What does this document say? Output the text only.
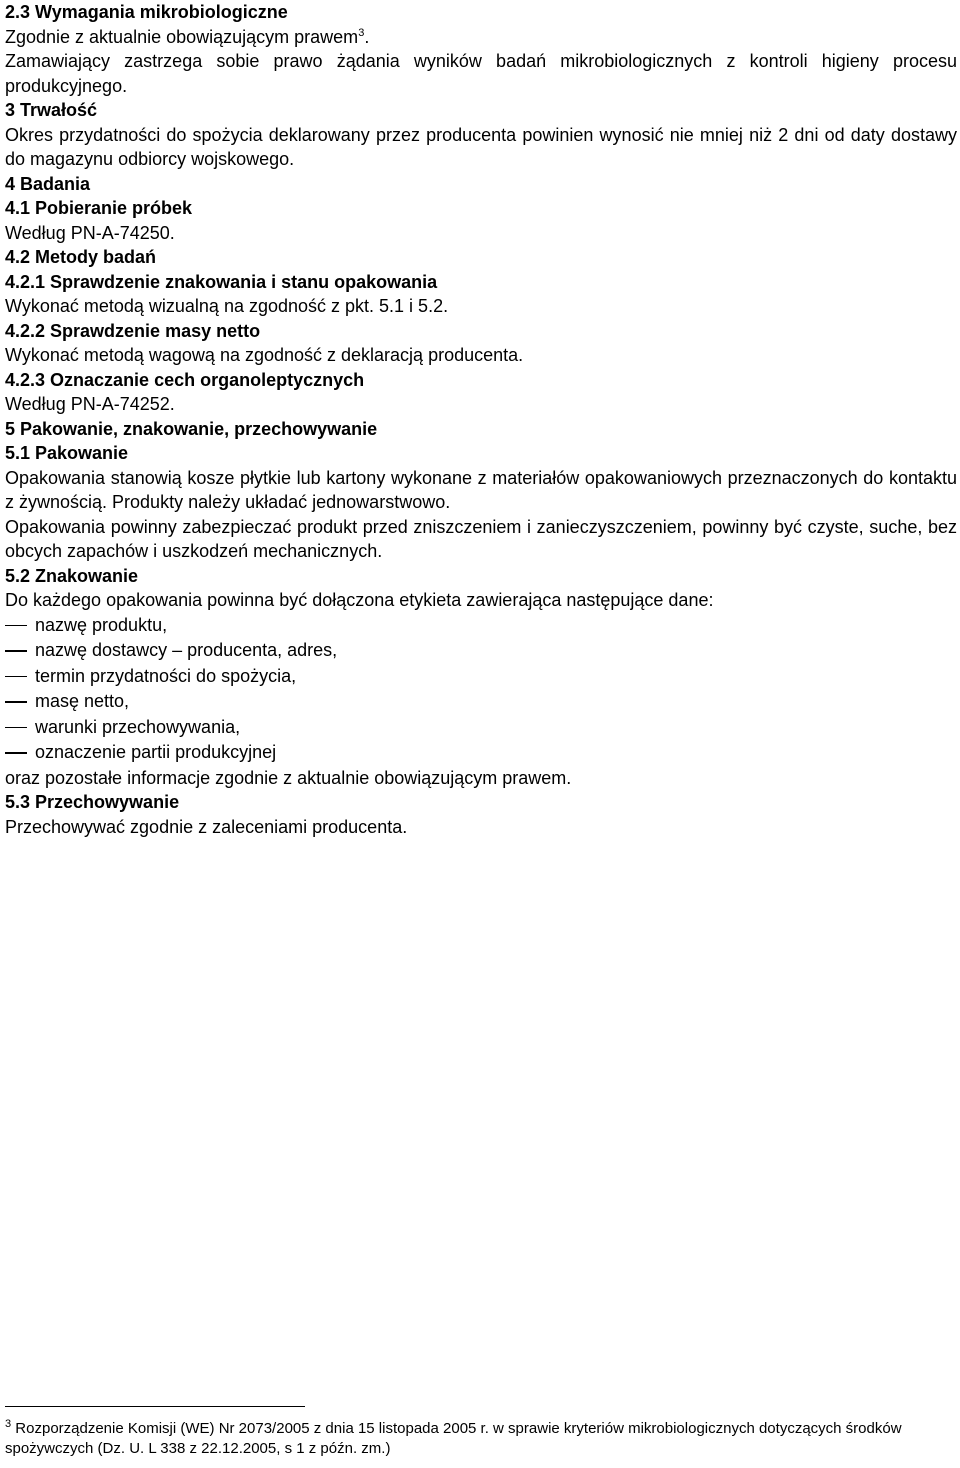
2.3 Wymagania mikrobiologiczne
Zgodnie z aktualnie obowiązującym prawem$^3$.
Zamawiający zastrzega sobie prawo żądania wyników badań mikrobiologicznych z kontroli higieny procesu produkcyjnego.
3 Trwałość
Okres przydatności do spożycia deklarowany przez producenta powinien wynosić nie mniej niż 2 dni od daty dostawy do magazynu odbiorcy wojskowego.
4 Badania
4.1 Pobieranie próbek
Według PN-A-74250.
4.2 Metody badań
4.2.1 Sprawdzenie znakowania i stanu opakowania
Wykonać metodą wizualną na zgodność z pkt. 5.1 i 5.2.
4.2.2 Sprawdzenie masy netto
Wykonać metodą wagową na zgodność z deklaracją producenta.
4.2.3 Oznaczanie cech organoleptycznych
Według PN-A-74252.
5 Pakowanie, znakowanie, przechowywanie
5.1 Pakowanie
Opakowania stanowią kosze płytkie lub kartony wykonane z materiałów opakowaniowych przeznaczonych do kontaktu z żywnością. Produkty należy układać jednowarstwowo.
Opakowania powinny zabezpieczać produkt przed zniszczeniem i zanieczyszczeniem, powinny być czyste, suche, bez obcych zapachów i uszkodzeń mechanicznych.
5.2 Znakowanie
Do każdego opakowania powinna być dołączona etykieta zawierająca następujące dane:
nazwę produktu,
nazwę dostawcy – producenta, adres,
termin przydatności do spożycia,
masę netto,
warunki przechowywania,
oznaczenie partii produkcyjnej
oraz pozostałe informacje zgodnie z aktualnie obowiązującym prawem.
5.3 Przechowywanie
Przechowywać zgodnie z zaleceniami producenta.
$^3$ Rozporządzenie Komisji (WE) Nr 2073/2005 z dnia 15 listopada 2005 r. w sprawie kryteriów mikrobiologicznych dotyczących środków spożywczych (Dz. U. L 338 z 22.12.2005, s 1 z późn. zm.)
